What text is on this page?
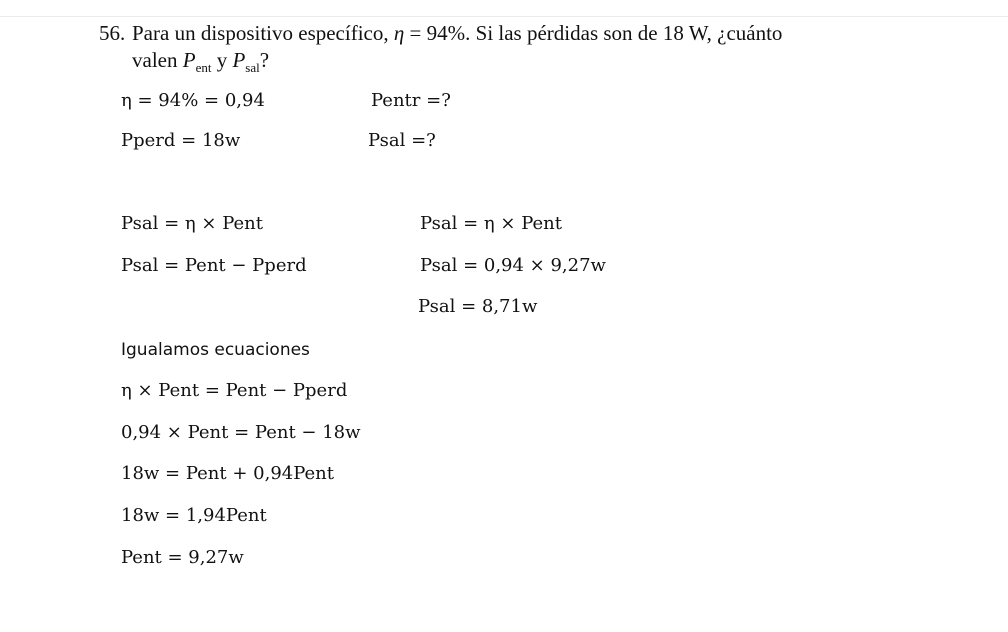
56. Para un dispositivo específico, η = 94%. Si las pérdidas son de 18 W, ¿cuánto
valen $P_{ent}$ y $P_{sal}$?
η = 94% = 0,94	Pentr =?
Pperd = 18w	Psal =?
Psal = η × Pent
Psal = Pent − Pperd
Psal = η × Pent
Psal = 0,94 × 9,27w
Psal = 8,71w
Igualamos ecuaciones
η × Pent = Pent − Pperd
0,94 × Pent = Pent − 18w
18w = Pent + 0,94Pent
18w = 1,94Pent
Pent = 9,27w
